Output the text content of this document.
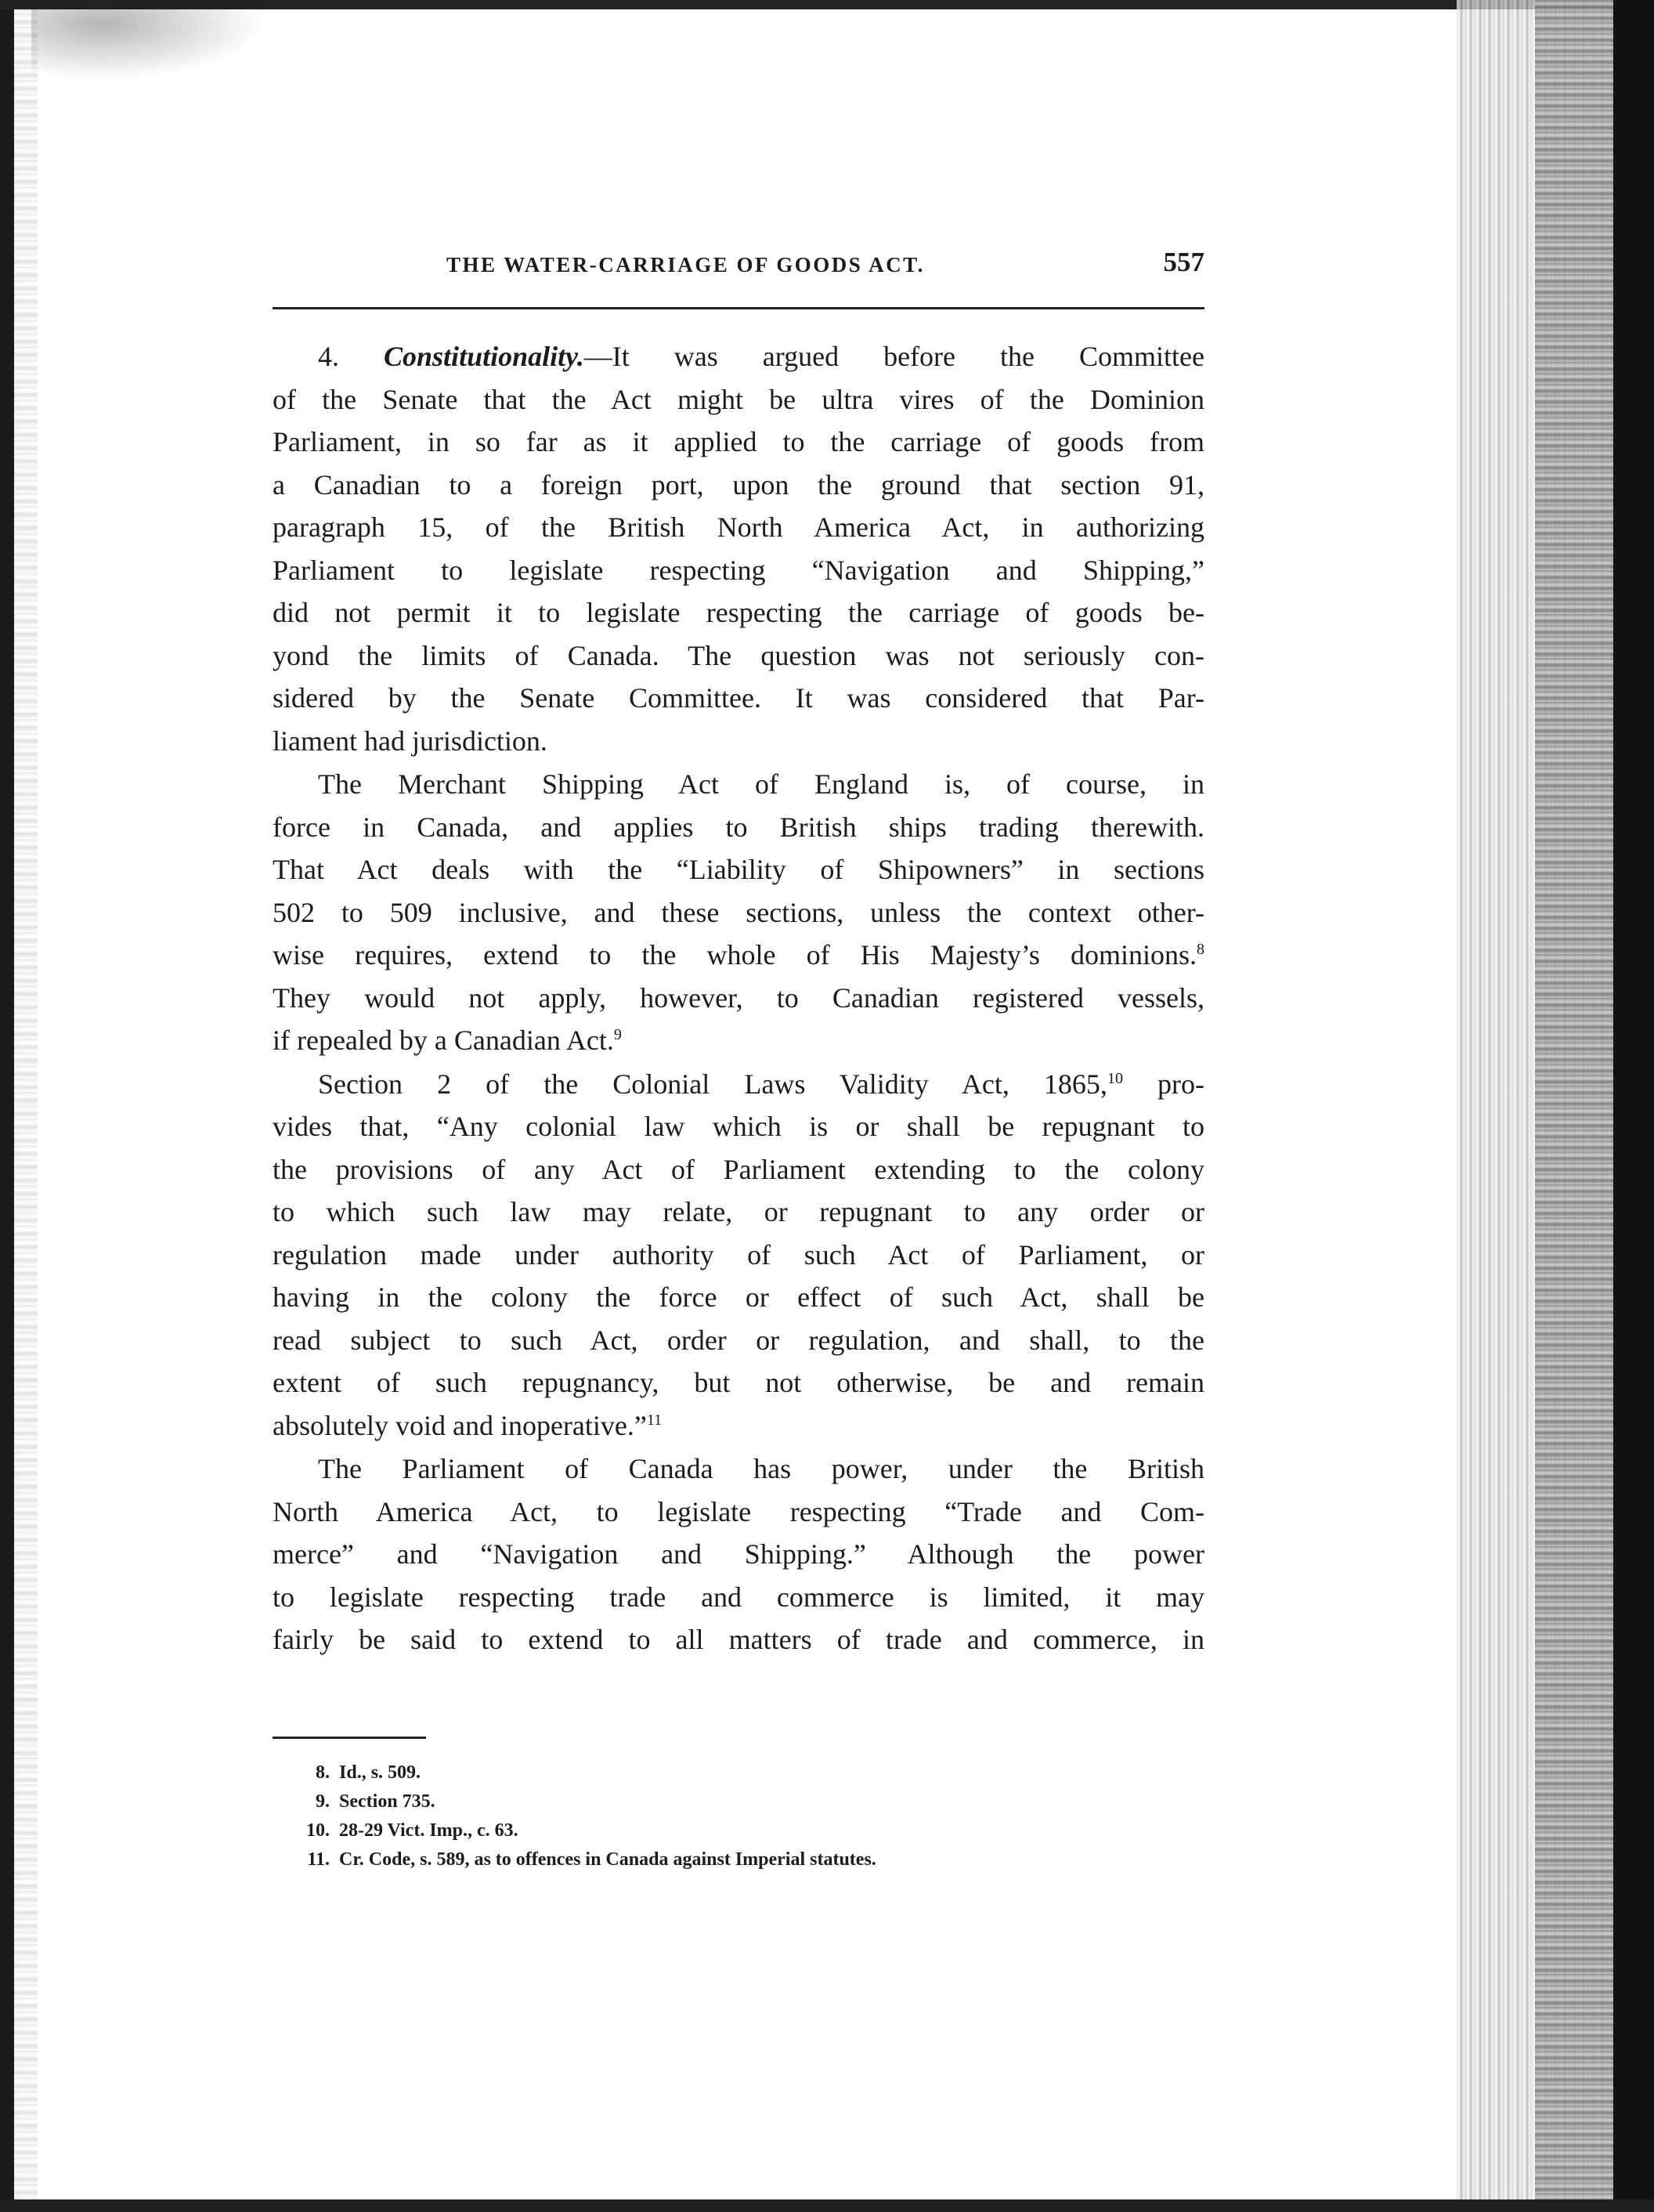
THE WATER-CARRIAGE OF GOODS ACT.	557

4. Constitutionality.—It was argued before the Committee
of the Senate that the Act might be ultra vires of the Dominion
Parliament, in so far as it applied to the carriage of goods from
a Canadian to a foreign port, upon the ground that section 91,
paragraph 15, of the British North America Act, in authorizing
Parliament to legislate respecting “Navigation and Shipping,”
did not permit it to legislate respecting the carriage of goods be-
yond the limits of Canada. The question was not seriously con-
sidered by the Senate Committee. It was considered that Par-
liament had jurisdiction.

The Merchant Shipping Act of England is, of course, in
force in Canada, and applies to British ships trading therewith.
That Act deals with the “Liability of Shipowners” in sections
502 to 509 inclusive, and these sections, unless the context other-
wise requires, extend to the whole of His Majesty’s dominions.$^8$
They would not apply, however, to Canadian registered vessels,
if repealed by a Canadian Act.$^9$

Section 2 of the Colonial Laws Validity Act, 1865,10 pro-
vides that, “Any colonial law which is or shall be repugnant to
the provisions of any Act of Parliament extending to the colony
to which such law may relate, or repugnant to any order or
regulation made under authority of such Act of Parliament, or
having in the colony the force or effect of such Act, shall be
read subject to such Act, order or regulation, and shall, to the
extent of such repugnancy, but not otherwise, be and remain
absolutely void and inoperative.”$^{11}$

The Parliament of Canada has power, under the British
North America Act, to legislate respecting “Trade and Com-
merce” and “Navigation and Shipping.” Although the power
to legislate respecting trade and commerce is limited, it may
fairly be said to extend to all matters of trade and commerce, in

8. Id., s. 509.
9. Section 735.
10. 28-29 Vict. Imp., c. 63.
11. Cr. Code, s. 589, as to offences in Canada against Imperial statutes.
